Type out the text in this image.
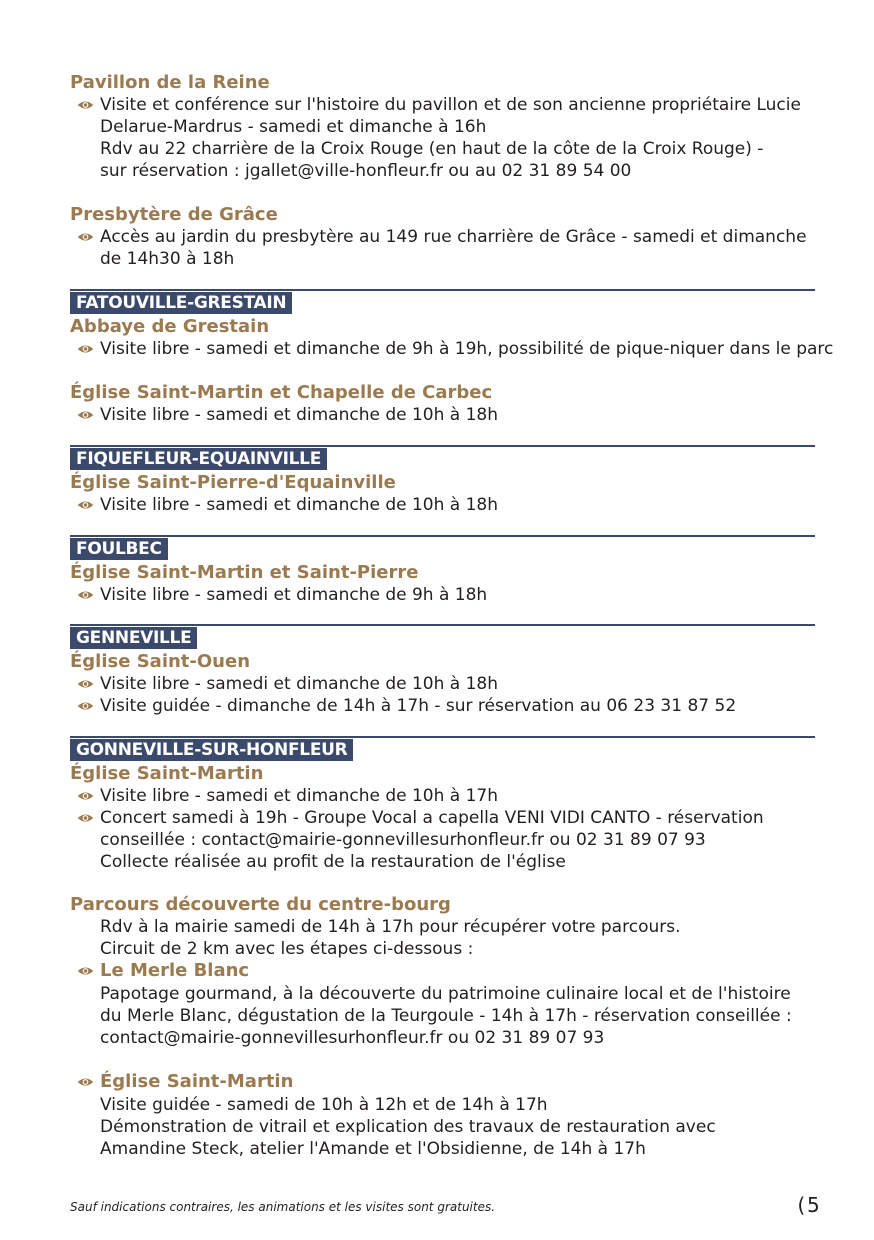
Pavillon de la Reine
Visite et conférence sur l'histoire du pavillon et de son ancienne propriétaire Lucie
Delarue-Mardrus - samedi et dimanche à 16h
Rdv au 22 charrière de la Croix Rouge (en haut de la côte de la Croix Rouge) -
sur réservation : jgallet@ville-honfleur.fr ou au 02 31 89 54 00
Presbytère de Grâce
Accès au jardin du presbytère au 149 rue charrière de Grâce - samedi et dimanche
de 14h30 à 18h
FATOUVILLE-GRESTAIN
Abbaye de Grestain
Visite libre - samedi et dimanche de 9h à 19h, possibilité de pique-niquer dans le parc
Église Saint-Martin et Chapelle de Carbec
Visite libre - samedi et dimanche de 10h à 18h
FIQUEFLEUR-EQUAINVILLE
Église Saint-Pierre-d'Equainville
Visite libre - samedi et dimanche de 10h à 18h
FOULBEC
Église Saint-Martin et Saint-Pierre
Visite libre - samedi et dimanche de 9h à 18h
GENNEVILLE
Église Saint-Ouen
Visite libre - samedi et dimanche de 10h à 18h
Visite guidée - dimanche de 14h à 17h - sur réservation au 06 23 31 87 52
GONNEVILLE-SUR-HONFLEUR
Église Saint-Martin
Visite libre - samedi et dimanche de 10h à 17h
Concert samedi à 19h - Groupe Vocal a capella VENI VIDI CANTO - réservation
conseillée : contact@mairie-gonnevillesurhonfleur.fr ou 02 31 89 07 93
Collecte réalisée au profit de la restauration de l'église
Parcours découverte du centre-bourg
Rdv à la mairie samedi de 14h à 17h pour récupérer votre parcours.
Circuit de 2 km avec les étapes ci-dessous :
Le Merle Blanc
Papotage gourmand, à la découverte du patrimoine culinaire local et de l'histoire
du Merle Blanc, dégustation de la Teurgoule - 14h à 17h - réservation conseillée :
contact@mairie-gonnevillesurhonfleur.fr ou 02 31 89 07 93
Église Saint-Martin
Visite guidée - samedi de 10h à 12h et de 14h à 17h
Démonstration de vitrail et explication des travaux de restauration avec
Amandine Steck, atelier l'Amande et l'Obsidienne, de 14h à 17h
Sauf indications contraires, les animations et les visites sont gratuites.	(5
